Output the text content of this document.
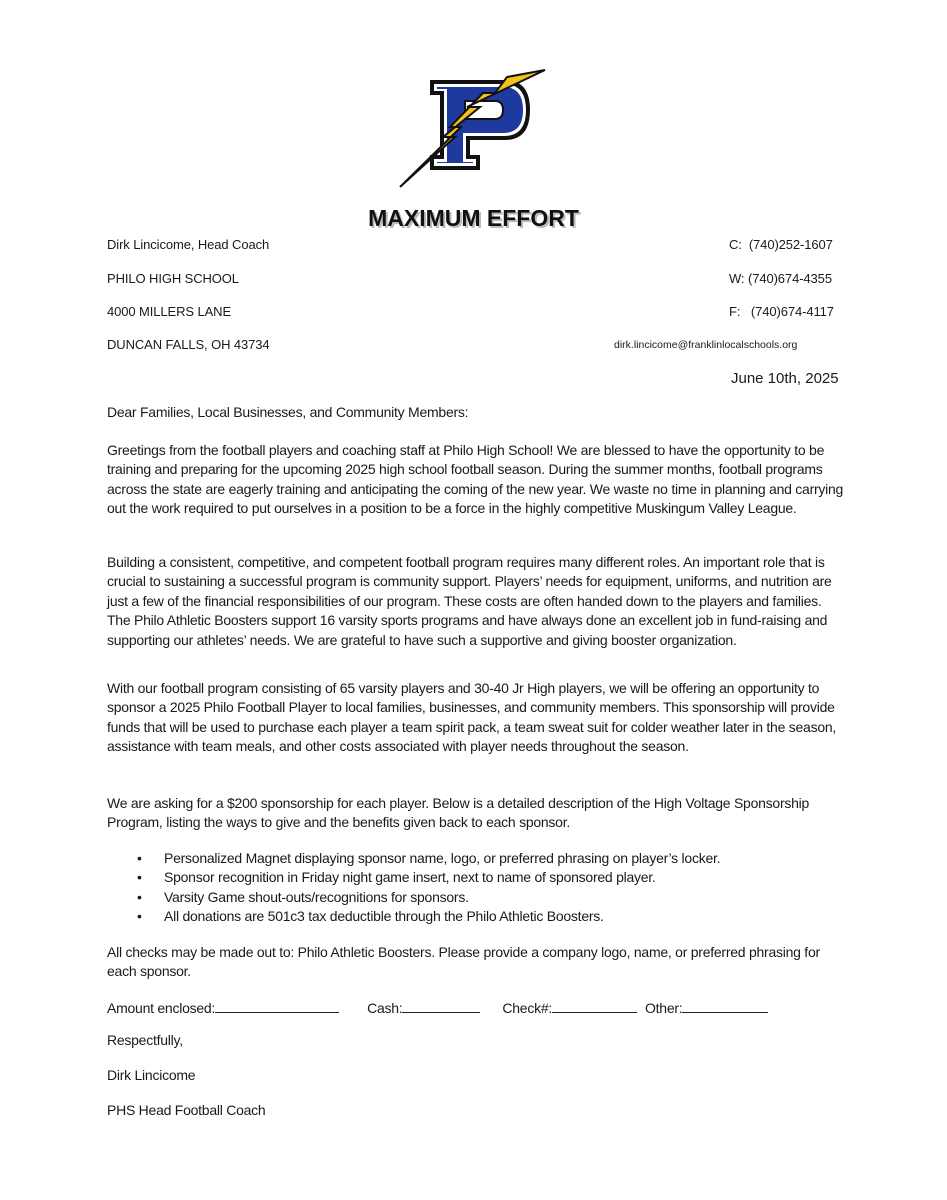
MAXIMUM EFFORT
Dirk Lincicome, Head Coach
PHILO HIGH SCHOOL
4000 MILLERS LANE
DUNCAN FALLS, OH 43734
C:  (740)252-1607
W: (740)674-4355
F:   (740)674-4117
dirk.lincicome@franklinlocalschools.org
June 10th, 2025
Dear Families, Local Businesses, and Community Members:

Greetings from the football players and coaching staff at Philo High School! We are blessed to have the opportunity to be training and preparing for the upcoming 2025 high school football season. During the summer months, football programs across the state are eagerly training and anticipating the coming of the new year. We waste no time in planning and carrying out the work required to put ourselves in a position to be a force in the highly competitive Muskingum Valley League.

Building a consistent, competitive, and competent football program requires many different roles. An important role that is crucial to sustaining a successful program is community support. Players’ needs for equipment, uniforms, and nutrition are just a few of the financial responsibilities of our program. These costs are often handed down to the players and families. The Philo Athletic Boosters support 16 varsity sports programs and have always done an excellent job in fund-raising and supporting our athletes’ needs. We are grateful to have such a supportive and giving booster organization.

With our football program consisting of 65 varsity players and 30-40 Jr High players, we will be offering an opportunity to sponsor a 2025 Philo Football Player to local families, businesses, and community members. This sponsorship will provide funds that will be used to purchase each player a team spirit pack, a team sweat suit for colder weather later in the season, assistance with team meals, and other costs associated with player needs throughout the season.

We are asking for a $200 sponsorship for each player. Below is a detailed description of the High Voltage Sponsorship Program, listing the ways to give and the benefits given back to each sponsor.

• Personalized Magnet displaying sponsor name, logo, or preferred phrasing on player’s locker.
• Sponsor recognition in Friday night game insert, next to name of sponsored player.
• Varsity Game shout-outs/recognitions for sponsors.
• All donations are 501c3 tax deductible through the Philo Athletic Boosters.

All checks may be made out to: Philo Athletic Boosters. Please provide a company logo, name, or preferred phrasing for each sponsor.

Amount enclosed:	Cash:	Check#:	Other:
Respectfully,
Dirk Lincicome
PHS Head Football Coach
